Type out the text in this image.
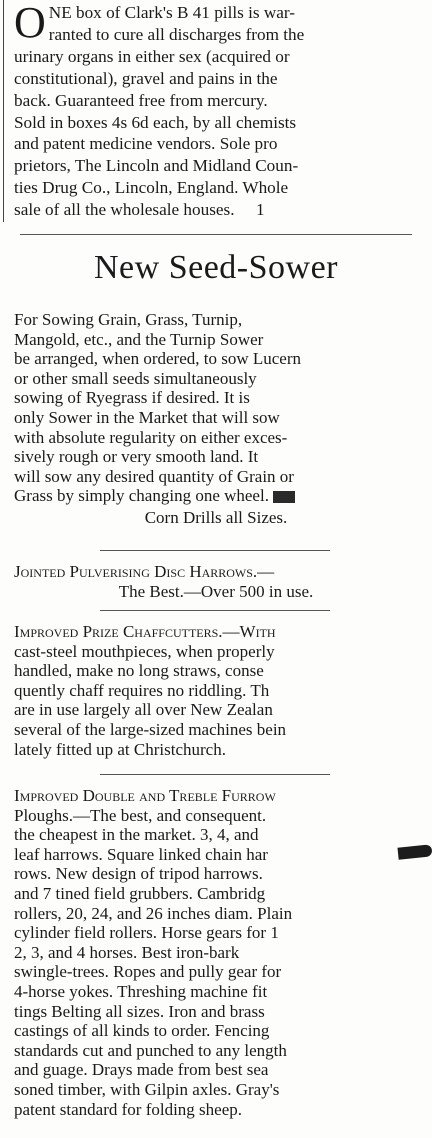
O NE box of Clark's B 41 pills is war-
ranted to cure all discharges from the
urinary organs in either sex (acquired or
constitutional), gravel and pains in the
back. Guaranteed free from mercury.
Sold in boxes 4s 6d each, by all chemists
and patent medicine vendors. Sole pro
prietors, The Lincoln and Midland Coun-
ties Drug Co., Lincoln, England. Whole
sale of all the wholesale houses.     1
New Seed-Sower
For Sowing Grain, Grass, Turnip,
Mangold, etc., and the Turnip Sower
be arranged, when ordered, to sow Lucern
or other small seeds simultaneously
sowing of Ryegrass if desired. It is
only Sower in the Market that will sow
with absolute regularity on either exces-
sively rough or very smooth land. It
will sow any desired quantity of Grain or
Grass by simply changing one wheel.
Corn Drills all Sizes.
Jointed Pulverising Disc Harrows.—
The Best.—Over 500 in use.
Improved Prize Chaffcutters.—With
cast-steel mouthpieces, when properly
handled, make no long straws, conse
quently chaff requires no riddling. Th
are in use largely all over New Zealan
several of the large-sized machines bein
lately fitted up at Christchurch.
Improved Double and Treble Furrow
Ploughs.—The best, and consequent.
the cheapest in the market. 3, 4, and
leaf harrows. Square linked chain har
rows. New design of tripod harrows.
and 7 tined field grubbers. Cambridg
rollers, 20, 24, and 26 inches diam. Plain
cylinder field rollers. Horse gears for 1
2, 3, and 4 horses. Best iron-bark
swingle-trees. Ropes and pully gear for
4-horse yokes. Threshing machine fit
tings Belting all sizes. Iron and brass
castings of all kinds to order. Fencing
standards cut and punched to any length
and guage. Drays made from best sea
soned timber, with Gilpin axles. Gray's
patent standard for folding sheep.
